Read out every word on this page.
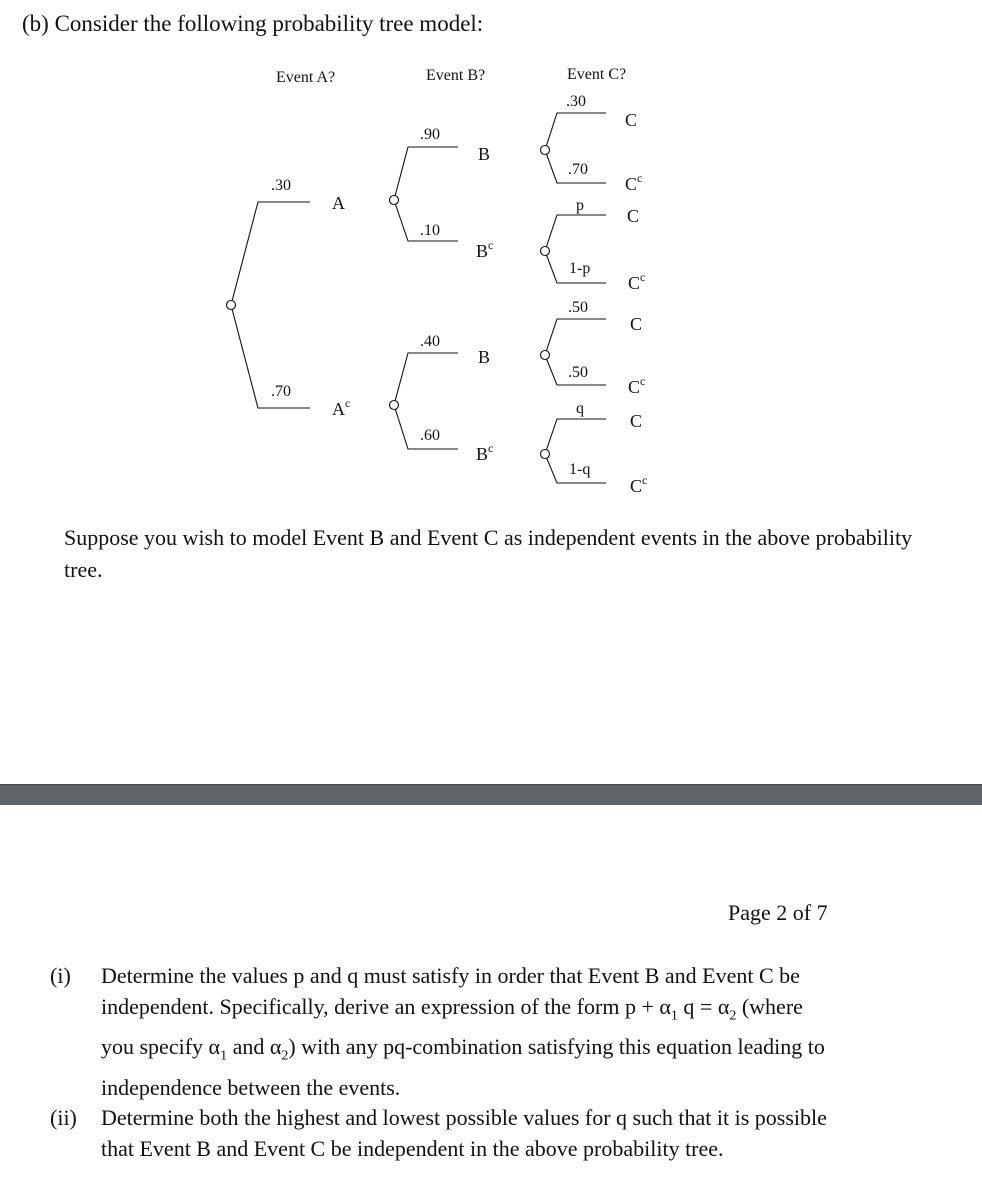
(b) Consider the following probability tree model:
Event A?	Event B?	Event C?
.30
A
.70
$A^c$
.90
B
.10
$B^c$
.40
B
.60
$B^c$
.30
C
.70
$C^c$
p
C
1-p
$C^c$
.50
C
.50
$C^c$
q
C
1-q
$C^c$
Suppose you wish to model Event B and Event C as independent events in the above probability tree.
Page 2 of 7
(i) Determine the values p and q must satisfy in order that Event B and Event C be
independent. Specifically, derive an expression of the form $p + \alpha_1$ $q = \alpha_2$ (where
you specify $\alpha_1$ and $\alpha_2$) with any pq-combination satisfying this equation leading to
independence between the events.
(ii) Determine both the highest and lowest possible values for q such that it is possible
that Event B and Event C be independent in the above probability tree.
